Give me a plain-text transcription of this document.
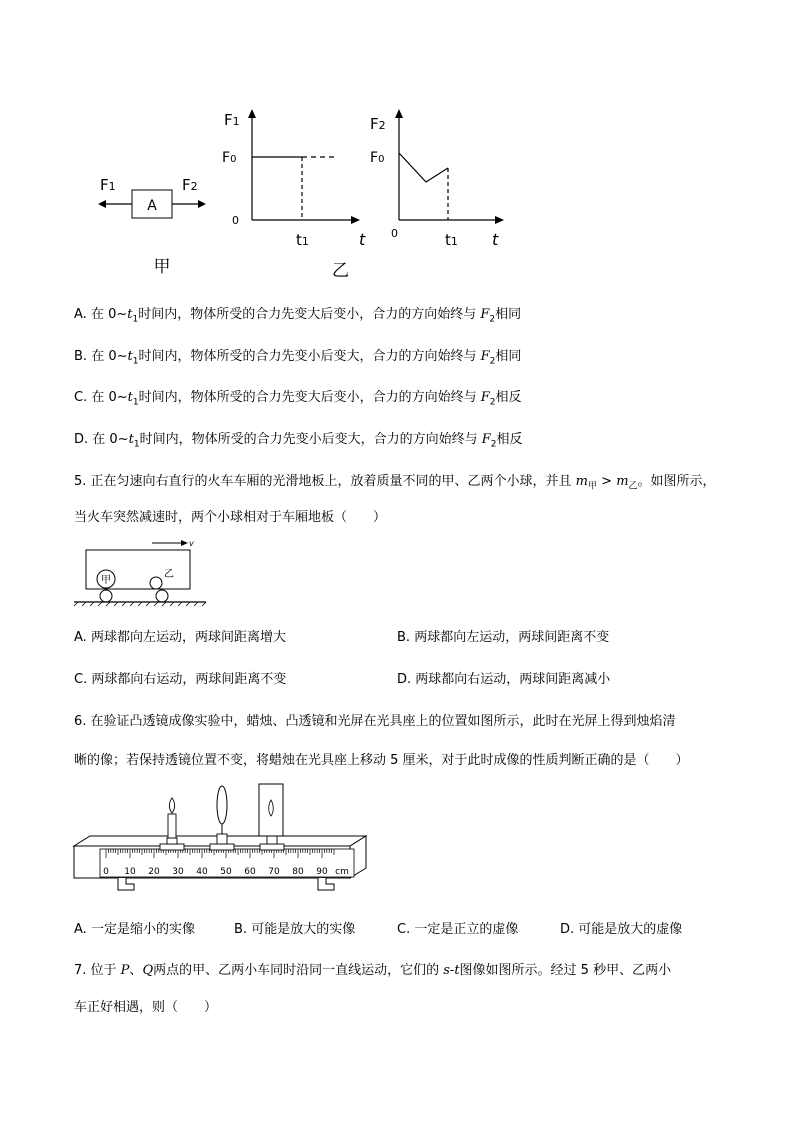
A
F1	F2
甲
F1
F0
0
t1	t
F2
F0
0	t1 t
乙
A. 在 $0\sim t_1$时间内，物体所受的合力先变大后变小，合力的方向始终与 $F_2$相同
B. 在 $0\sim t_1$时间内，物体所受的合力先变小后变大，合力的方向始终与 $F_2$相同
C. 在 $0\sim t_1$时间内，物体所受的合力先变大后变小，合力的方向始终与 $F_2$相反
D. 在 $0\sim t_1$时间内，物体所受的合力先变小后变大，合力的方向始终与 $F_2$相反
5. 正在匀速向右直行的火车车厢的光滑地板上，放着质量不同的甲、乙两个小球，并且 $m_甲 > m_乙$。如图所示，
当火车突然减速时，两个小球相对于车厢地板（　　）
v
甲
乙
A. 两球都向左运动，两球间距离增大	B. 两球都向左运动，两球间距离不变
C. 两球都向右运动，两球间距离不变	D. 两球都向右运动，两球间距离减小
6. 在验证凸透镜成像实验中，蜡烛、凸透镜和光屏在光具座上的位置如图所示，此时在光屏上得到烛焰清
晰的像；若保持透镜位置不变，将蜡烛在光具座上移动 5 厘米，对于此时成像的性质判断正确的是（　　）
0 10 20 30 40 50 60 70 80 90 cm
A. 一定是缩小的实像	B. 可能是放大的实像	C. 一定是正立的虚像	D. 可能是放大的虚像
7. 位于 P、Q两点的甲、乙两小车同时沿同一直线运动，它们的 s-t图像如图所示。经过 5 秒甲、乙两小
车正好相遇，则（　　）
